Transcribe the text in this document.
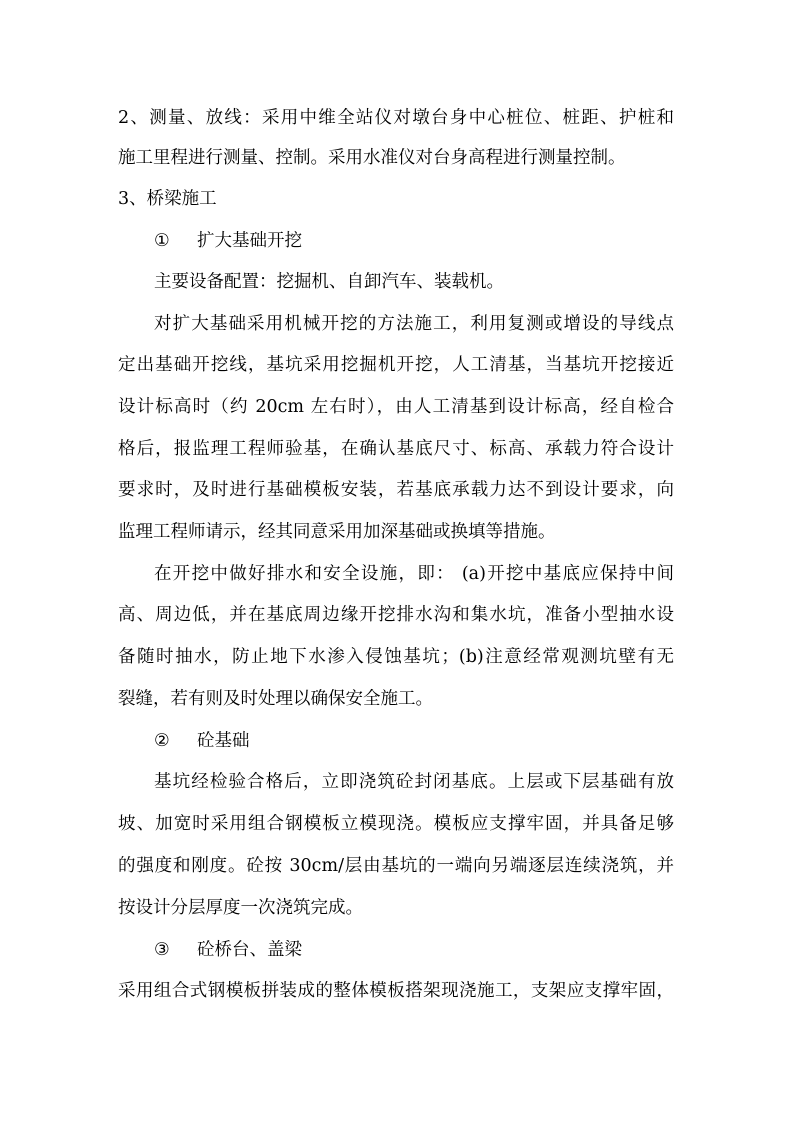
2、测量、放线：采用中维全站仪对墩台身中心桩位、桩距、护桩和
施工里程进行测量、控制。采用水准仪对台身高程进行测量控制。
3、桥梁施工
① 扩大基础开挖
主要设备配置：挖掘机、自卸汽车、装载机。
对扩大基础采用机械开挖的方法施工，利用复测或增设的导线点
定出基础开挖线，基坑采用挖掘机开挖，人工清基，当基坑开挖接近
设计标高时（约 20cm 左右时），由人工清基到设计标高，经自检合
格后，报监理工程师验基，在确认基底尺寸、标高、承载力符合设计
要求时，及时进行基础模板安装，若基底承载力达不到设计要求，向
监理工程师请示，经其同意采用加深基础或换填等措施。
在开挖中做好排水和安全设施，即： (a)开挖中基底应保持中间
高、周边低，并在基底周边缘开挖排水沟和集水坑，准备小型抽水设
备随时抽水，防止地下水渗入侵蚀基坑；(b)注意经常观测坑壁有无
裂缝，若有则及时处理以确保安全施工。
② 砼基础
基坑经检验合格后，立即浇筑砼封闭基底。上层或下层基础有放
坡、加宽时采用组合钢模板立模现浇。模板应支撑牢固，并具备足够
的强度和刚度。砼按 30cm/层由基坑的一端向另端逐层连续浇筑，并
按设计分层厚度一次浇筑完成。
③ 砼桥台、盖梁
采用组合式钢模板拼装成的整体模板搭架现浇施工，支架应支撑牢固，
